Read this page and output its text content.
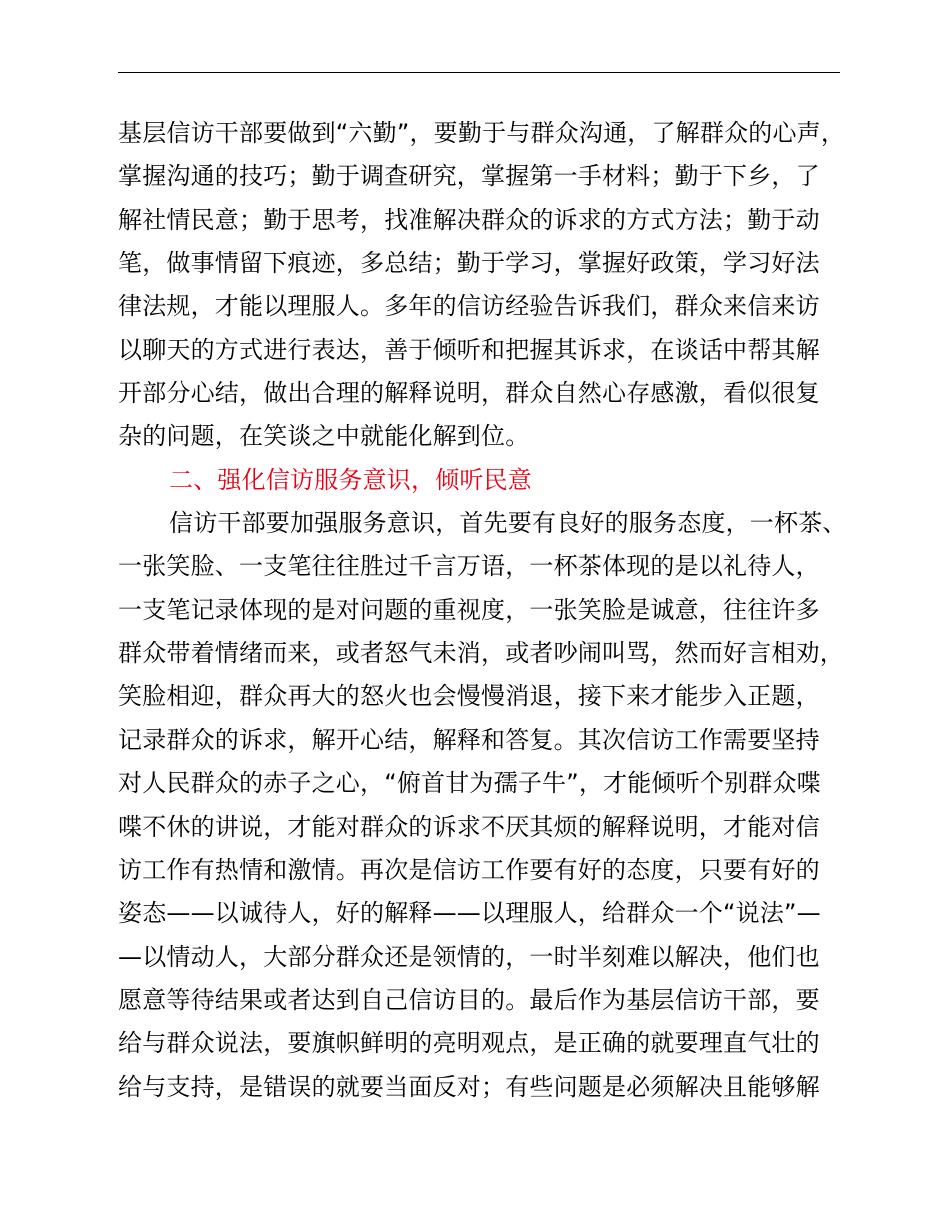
基层信访干部要做到“六勤”，要勤于与群众沟通，了解群众的心声，
掌握沟通的技巧；勤于调查研究，掌握第一手材料；勤于下乡，了
解社情民意；勤于思考，找准解决群众的诉求的方式方法；勤于动
笔，做事情留下痕迹，多总结；勤于学习，掌握好政策，学习好法
律法规，才能以理服人。多年的信访经验告诉我们，群众来信来访
以聊天的方式进行表达，善于倾听和把握其诉求，在谈话中帮其解
开部分心结，做出合理的解释说明，群众自然心存感激，看似很复
杂的问题，在笑谈之中就能化解到位。
二、强化信访服务意识，倾听民意
信访干部要加强服务意识，首先要有良好的服务态度，一杯茶、
一张笑脸、一支笔往往胜过千言万语，一杯茶体现的是以礼待人，
一支笔记录体现的是对问题的重视度，一张笑脸是诚意，往往许多
群众带着情绪而来，或者怒气未消，或者吵闹叫骂，然而好言相劝，
笑脸相迎，群众再大的怒火也会慢慢消退，接下来才能步入正题，
记录群众的诉求，解开心结，解释和答复。其次信访工作需要坚持
对人民群众的赤子之心，“俯首甘为孺子牛”，才能倾听个别群众喋
喋不休的讲说，才能对群众的诉求不厌其烦的解释说明，才能对信
访工作有热情和激情。再次是信访工作要有好的态度，只要有好的
姿态——以诚待人，好的解释——以理服人，给群众一个“说法”—
—以情动人，大部分群众还是领情的，一时半刻难以解决，他们也
愿意等待结果或者达到自己信访目的。最后作为基层信访干部，要
给与群众说法，要旗帜鲜明的亮明观点，是正确的就要理直气壮的
给与支持，是错误的就要当面反对；有些问题是必须解决且能够解
